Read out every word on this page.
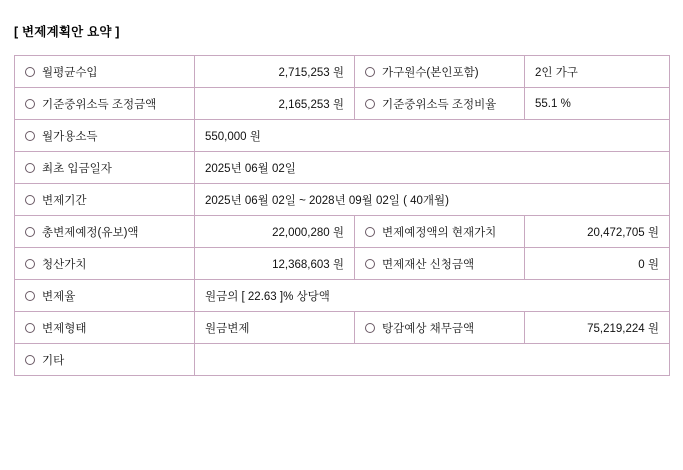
[ 변제계획안 요약 ]
월평균수입	2,715,253 원	가구원수(본인포함)	2인 가구
기준중위소득 조정금액	2,165,253 원	기준중위소득 조정비율	55.1 %
월가용소득	550,000 원		
최초 입금일자	2025년 06월 02일		
변제기간	2025년 06월 02일 ~ 2028년 09월 02일 ( 40개월)		
총변제예정(유보)액	22,000,280 원	변제예정액의 현재가치	20,472,705 원
청산가치	12,368,603 원	면제재산 신청금액	0 원
변제율	원금의 [ 22.63 ]% 상당액		
변제형태	원금변제	탕감예상 채무금액	75,219,224 원
기타			
